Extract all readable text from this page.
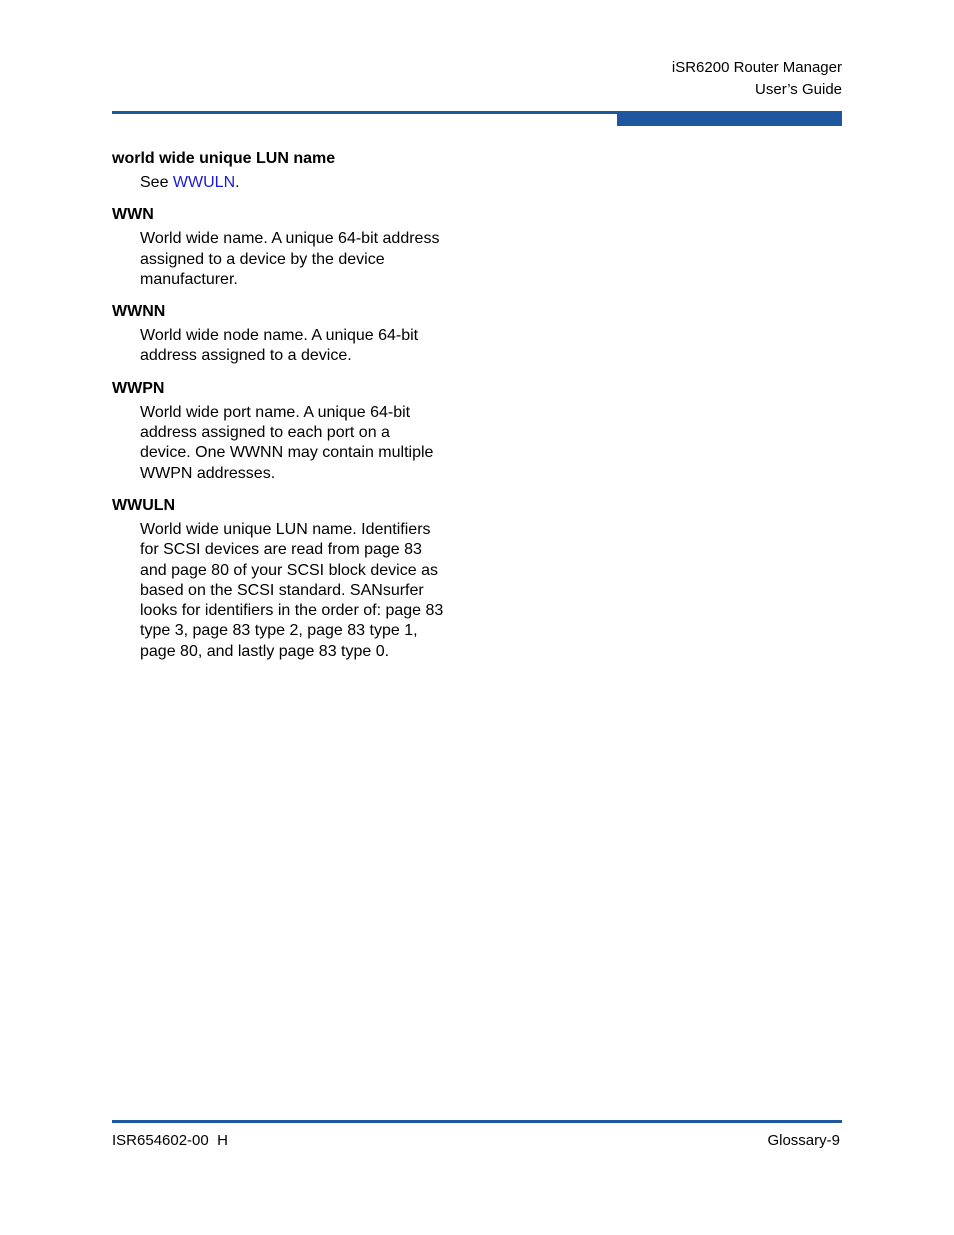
iSR6200 Router Manager
User’s Guide

world wide unique LUN name

See WWULN.

WWN

World wide name. A unique 64-bit address
assigned to a device by the device
manufacturer.

WWNN

World wide node name. A unique 64-bit
address assigned to a device.

WWPN

World wide port name. A unique 64-bit
address assigned to each port on a
device. One WWNN may contain multiple
WWPN addresses.

WWULN

World wide unique LUN name. Identifiers
for SCSI devices are read from page 83
and page 80 of your SCSI block device as
based on the SCSI standard. SANsurfer
looks for identifiers in the order of: page 83
type 3, page 83 type 2, page 83 type 1,
page 80, and lastly page 83 type 0.
ISR654602-00  H	Glossary-9
